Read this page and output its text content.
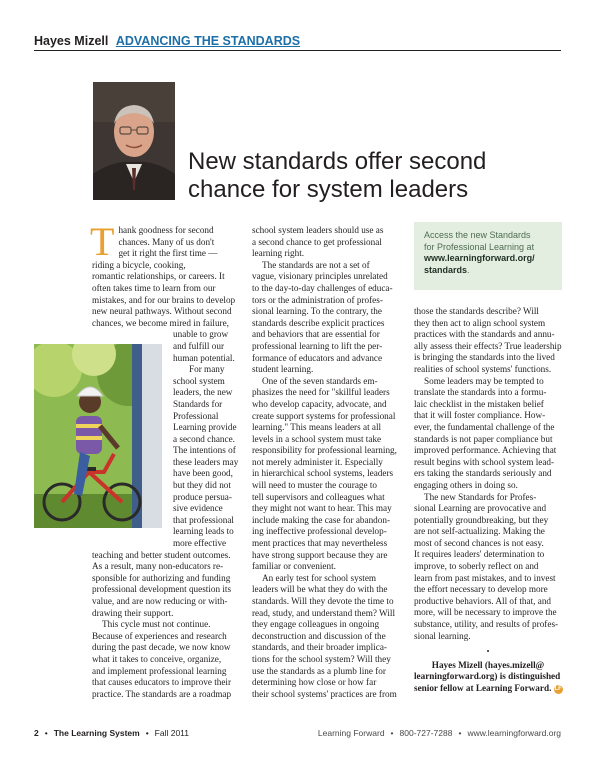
Hayes Mizell ADVANCING THE STANDARDS
New standards offer second
chance for system leaders

T hank goodness for second
chances. Many of us don't
get it right the first time —
riding a bicycle, cooking,
romantic relationships, or careers. It
often takes time to learn from our
mistakes, and for our brains to develop
new neural pathways. Without second
chances, we become mired in failure,
unable to grow
and fulfill our
human potential.

For many
school system
leaders, the new
Standards for
Professional
Learning provide
a second chance.
The intentions of
these leaders may
have been good,
but they did not
produce persua-
sive evidence
that professional
learning leads to
more effective
teaching and better student outcomes.
As a result, many non-educators re-
sponsible for authorizing and funding
professional development question its
value, and are now reducing or with-
drawing their support.

This cycle must not continue.
Because of experiences and research
during the past decade, we now know
what it takes to conceive, organize,
and implement professional learning
that causes educators to improve their
practice. The standards are a roadmap

school system leaders should use as
a second chance to get professional
learning right.

The standards are not a set of
vague, visionary principles unrelated
to the day-to-day challenges of educa-
tors or the administration of profes-
sional learning. To the contrary, the
standards describe explicit practices
and behaviors that are essential for
professional learning to lift the per-
formance of educators and advance
student learning.

One of the seven standards em-
phasizes the need for "skillful leaders
who develop capacity, advocate, and
create support systems for professional
learning." This means leaders at all
levels in a school system must take
responsibility for professional learning,
not merely administer it. Especially
in hierarchical school systems, leaders
will need to muster the courage to
tell supervisors and colleagues what
they might not want to hear. This may
include making the case for abandon-
ing ineffective professional develop-
ment practices that may nevertheless
have strong support because they are
familiar or convenient.

An early test for school system
leaders will be what they do with the
standards. Will they devote the time to
read, study, and understand them? Will
they engage colleagues in ongoing
deconstruction and discussion of the
standards, and their broader implica-
tions for the school system? Will they
use the standards as a plumb line for
determining how close or how far
their school systems' practices are from

Access the new Standards
for Professional Learning at
www.learningforward.org/
standards.

those the standards describe? Will
they then act to align school system
practices with the standards and annu-
ally assess their effects? True leadership
is bringing the standards into the lived
realities of school systems' functions.

Some leaders may be tempted to
translate the standards into a formu-
laic checklist in the mistaken belief
that it will foster compliance. How-
ever, the fundamental challenge of the
standards is not paper compliance but
improved performance. Achieving that
result begins with school system lead-
ers taking the standards seriously and
engaging others in doing so.

The new Standards for Profes-
sional Learning are provocative and
potentially groundbreaking, but they
are not self-actualizing. Making the
most of second chances is not easy.
It requires leaders' determination to
improve, to soberly reflect on and
learn from past mistakes, and to invest
the effort necessary to develop more
productive behaviors. All of that, and
more, will be necessary to improve the
substance, utility, and results of profes-
sional learning.

•

Hayes Mizell (hayes.mizell@
learningforward.org) is distinguished
senior fellow at Learning Forward. LF

2 • The Learning System • Fall 2011	Learning Forward • 800-727-7288 • www.learningforward.org
